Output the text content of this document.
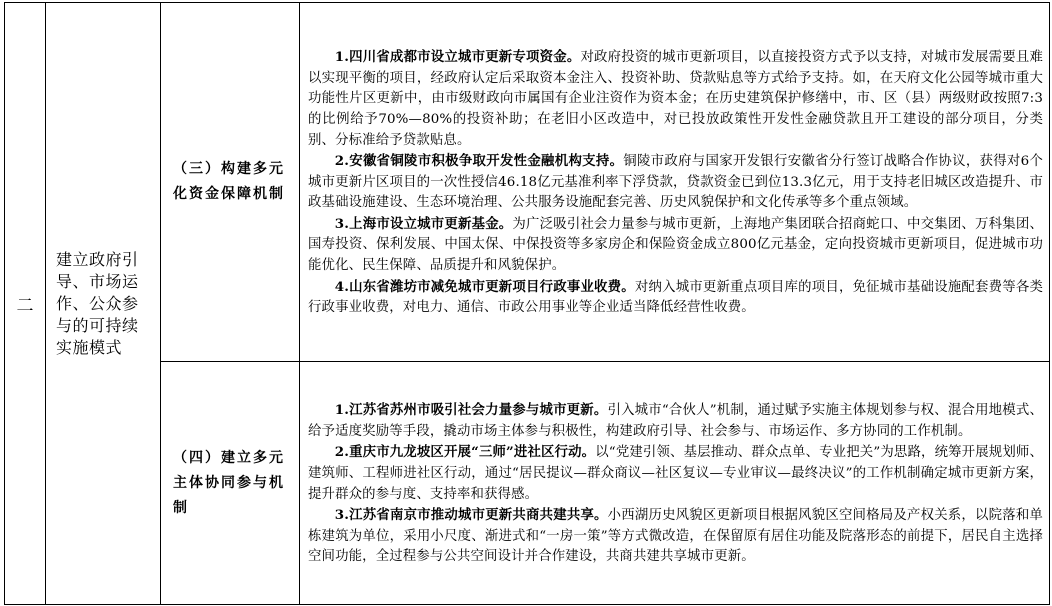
二	建立政府引导、市场运作、公众参与的可持续实施模式	（三）构建多元化资金保障机制	1.四川省成都市设立城市更新专项资金。对政府投资的城市更新项目，以直接投资方式予以支持，对城市发展需要且难以实现平衡的项目，经政府认定后采取资本金注入、投资补助、贷款贴息等方式给予支持。如，在天府文化公园等城市重大功能性片区更新中，由市级财政向市属国有企业注资作为资本金；在历史建筑保护修缮中，市、区（县）两级财政按照7:3的比例给予70%—80%的投资补助；在老旧小区改造中，对已投放政策性开发性金融贷款且开工建设的部分项目，分类别、分标准给予贷款贴息。

2.安徽省铜陵市积极争取开发性金融机构支持。铜陵市政府与国家开发银行安徽省分行签订战略合作协议，获得对6个城市更新片区项目的一次性授信46.18亿元基准利率下浮贷款，贷款资金已到位13.3亿元，用于支持老旧城区改造提升、市政基础设施建设、生态环境治理、公共服务设施配套完善、历史风貌保护和文化传承等多个重点领域。

3.上海市设立城市更新基金。为广泛吸引社会力量参与城市更新，上海地产集团联合招商蛇口、中交集团、万科集团、国寿投资、保利发展、中国太保、中保投资等多家房企和保险资金成立800亿元基金，定向投资城市更新项目，促进城市功能优化、民生保障、品质提升和风貌保护。

4.山东省潍坊市减免城市更新项目行政事业收费。对纳入城市更新重点项目库的项目，免征城市基础设施配套费等各类行政事业收费，对电力、通信、市政公用事业等企业适当降低经营性收费。

		（四）建立多元主体协同参与机制	1.江苏省苏州市吸引社会力量参与城市更新。引入城市“合伙人”机制，通过赋予实施主体规划参与权、混合用地模式、给予适度奖励等手段，撬动市场主体参与积极性，构建政府引导、社会参与、市场运作、多方协同的工作机制。

2.重庆市九龙坡区开展“三师”进社区行动。以“党建引领、基层推动、群众点单、专业把关”为思路，统筹开展规划师、建筑师、工程师进社区行动，通过“居民提议—群众商议—社区复议—专业审议—最终决议”的工作机制确定城市更新方案，提升群众的参与度、支持率和获得感。

3.江苏省南京市推动城市更新共商共建共享。小西湖历史风貌区更新项目根据风貌区空间格局及产权关系，以院落和单栋建筑为单位，采用小尺度、渐进式和“一房一策”等方式微改造，在保留原有居住功能及院落形态的前提下，居民自主选择空间功能，全过程参与公共空间设计并合作建设，共商共建共享城市更新。
